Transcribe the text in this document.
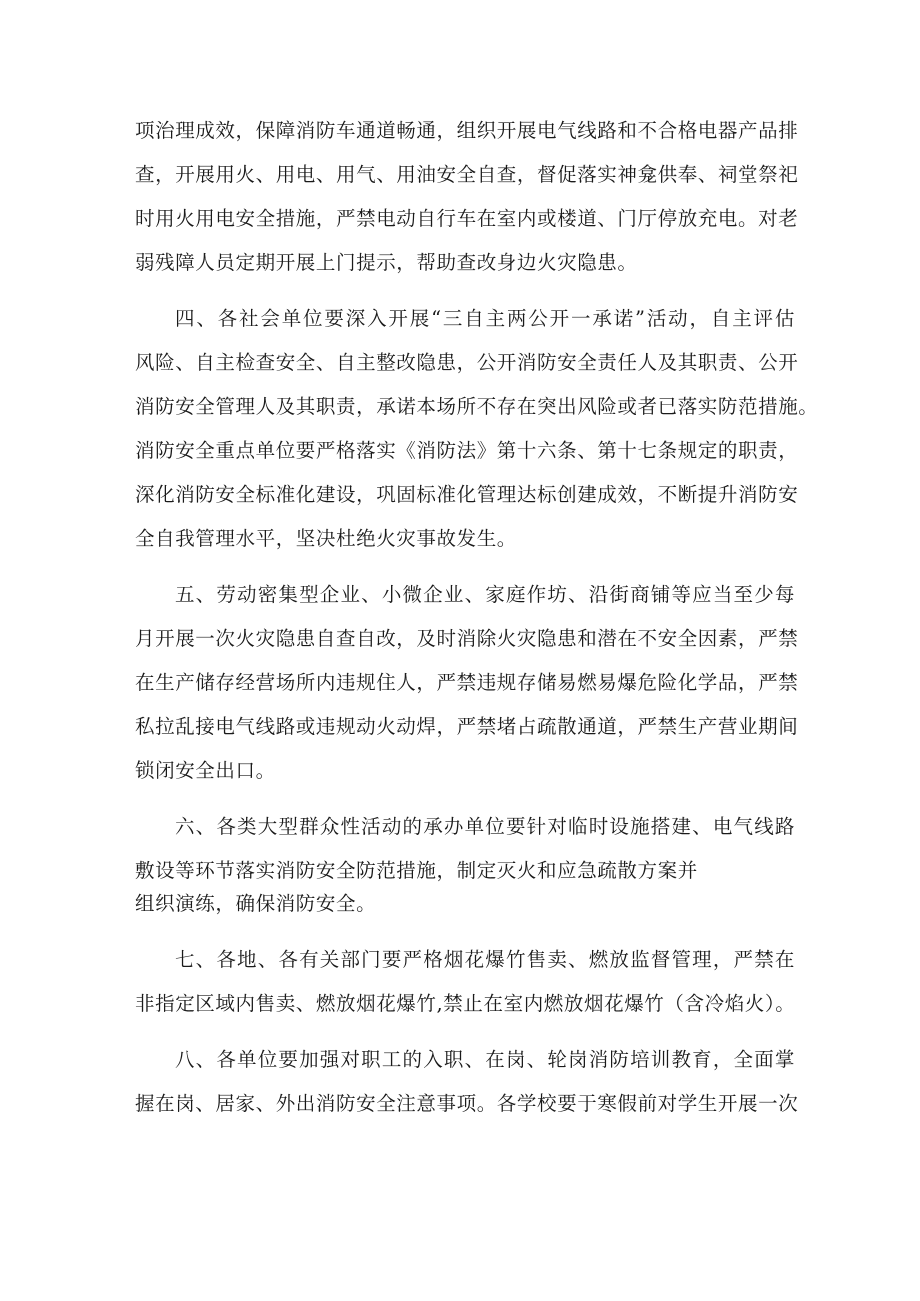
项治理成效，保障消防车通道畅通，组织开展电气线路和不合格电器产品排
查，开展用火、用电、用气、用油安全自查，督促落实神龛供奉、祠堂祭祀
时用火用电安全措施，严禁电动自行车在室内或楼道、门厅停放充电。对老
弱残障人员定期开展上门提示，帮助查改身边火灾隐患。
四、各社会单位要深入开展“三自主两公开一承诺”活动，自主评估
风险、自主检查安全、自主整改隐患，公开消防安全责任人及其职责、公开
消防安全管理人及其职责，承诺本场所不存在突出风险或者已落实防范措施。
消防安全重点单位要严格落实《消防法》第十六条、第十七条规定的职责，
深化消防安全标准化建设，巩固标准化管理达标创建成效，不断提升消防安
全自我管理水平，坚决杜绝火灾事故发生。
五、劳动密集型企业、小微企业、家庭作坊、沿街商铺等应当至少每
月开展一次火灾隐患自查自改，及时消除火灾隐患和潜在不安全因素，严禁
在生产储存经营场所内违规住人，严禁违规存储易燃易爆危险化学品，严禁
私拉乱接电气线路或违规动火动焊，严禁堵占疏散通道，严禁生产营业期间
锁闭安全出口。
六、各类大型群众性活动的承办单位要针对临时设施搭建、电气线路
敷设等环节落实消防安全防范措施，制定灭火和应急疏散方案并
组织演练，确保消防安全。
七、各地、各有关部门要严格烟花爆竹售卖、燃放监督管理，严禁在
非指定区域内售卖、燃放烟花爆竹,禁止在室内燃放烟花爆竹（含冷焰火）。
八、各单位要加强对职工的入职、在岗、轮岗消防培训教育，全面掌
握在岗、居家、外出消防安全注意事项。各学校要于寒假前对学生开展一次
